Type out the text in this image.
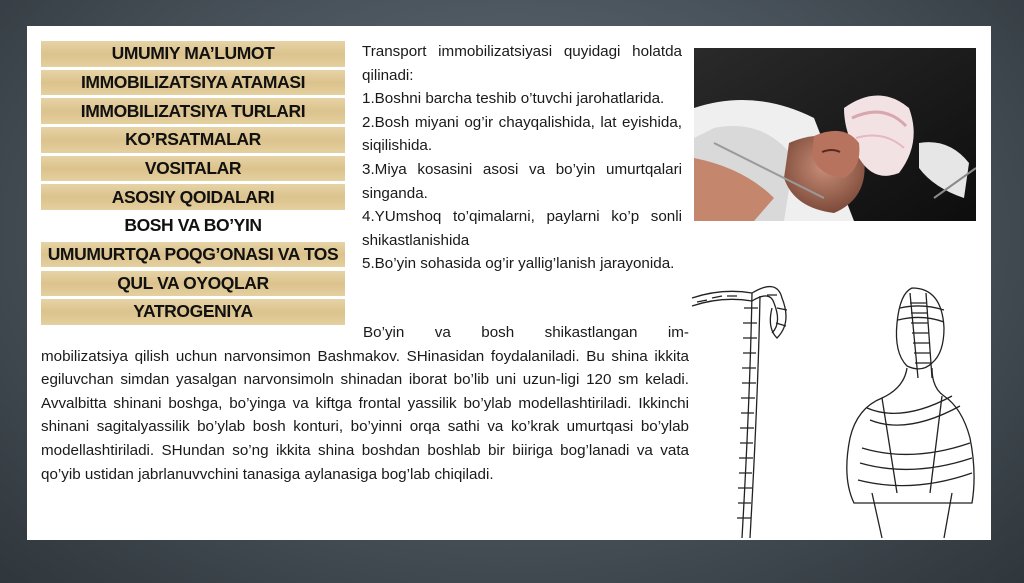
UMUMIY MA’LUMOT
IMMOBILIZATSIYA ATAMASI
IMMOBILIZATSIYA TURLARI
KO’RSATMALAR
VOSITALAR
ASOSIY QOIDALARI
BOSH VA BO’YIN
UMUMURTQA POQG’ONASI VA TOS
QUL VA OYOQLAR
YATROGENIYA

Transport immobilizatsiyasi quyidagi holatda qilinadi:

1.Boshni barcha teshib o’tuvchi jarohatlarida.

2.Bosh miyani og’ir chayqalishida, lat eyishida, siqilishida.

3.Miya kosasini asosi va bo’yin umurtqalari singanda.

4.YUmshoq to’qimalarni, paylarni ko’p sonli shikastlanishida

5.Bo’yin sohasida og’ir yallig’lanish jarayonida.

Bo’yin va bosh shikastlangan im-

mobilizatsiya qilish uchun narvonsimon Bashmakov. SHinasidan foydalaniladi. Bu shina ikkita egiluvchan simdan yasalgan narvonsimoln shinadan iborat bo’lib uni uzun-ligi 120 sm keladi. Avvalbitta shinani boshga, bo’yinga va kiftga frontal yassilik bo’ylab modellashtiriladi. Ikkinchi shinani sagitalyassilik bo’ylab bosh konturi, bo’yinni orqa sathi va ko’krak umurtqasi bo’ylab modellashtiriladi. SHundan so’ng ikkita shina boshdan boshlab bir biiriga bog’lanadi va vata qo’yib ustidan jabrlanuvvchini tanasiga aylanasiga bog’lab chiqiladi.
